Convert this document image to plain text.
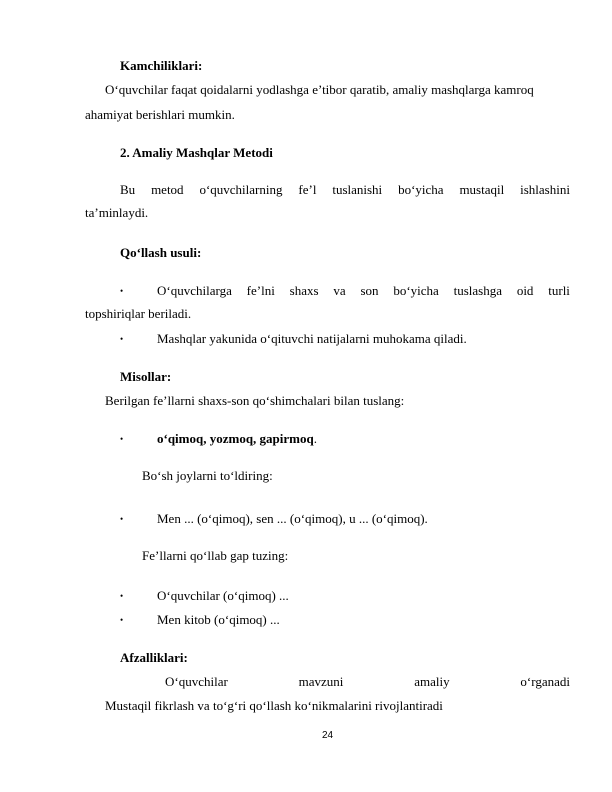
Kamchiliklari:
O‘quvchilar faqat qoidalarni yodlashga e’tibor qaratib, amaliy mashqlarga kamroq
ahamiyat berishlari mumkin.
2. Amaliy Mashqlar Metodi
Bu metod o‘quvchilarning fe’l tuslanishi bo‘yicha mustaqil ishlashini
ta’minlaydi.
Qo‘llash usuli:
•	O‘quvchilarga fe’lni shaxs va son bo‘yicha tuslashga oid turli
topshiriqlar beriladi.
•	Mashqlar yakunida o‘qituvchi natijalarni muhokama qiladi.
Misollar:
Berilgan fe’llarni shaxs-son qo‘shimchalari bilan tuslang:
•	o‘qimoq, yozmoq, gapirmoq.
Bo‘sh joylarni to‘ldiring:
•	Men ... (o‘qimoq), sen ... (o‘qimoq), u ... (o‘qimoq).
Fe’llarni qo‘llab gap tuzing:
•	O‘quvchilar (o‘qimoq) ...
•	Men kitob (o‘qimoq) ...
Afzalliklari:
O‘quvchilar	mavzuni	amaliy	o‘rganadi
Mustaqil fikrlash va to‘g‘ri qo‘llash ko‘nikmalarini rivojlantiradi
24
